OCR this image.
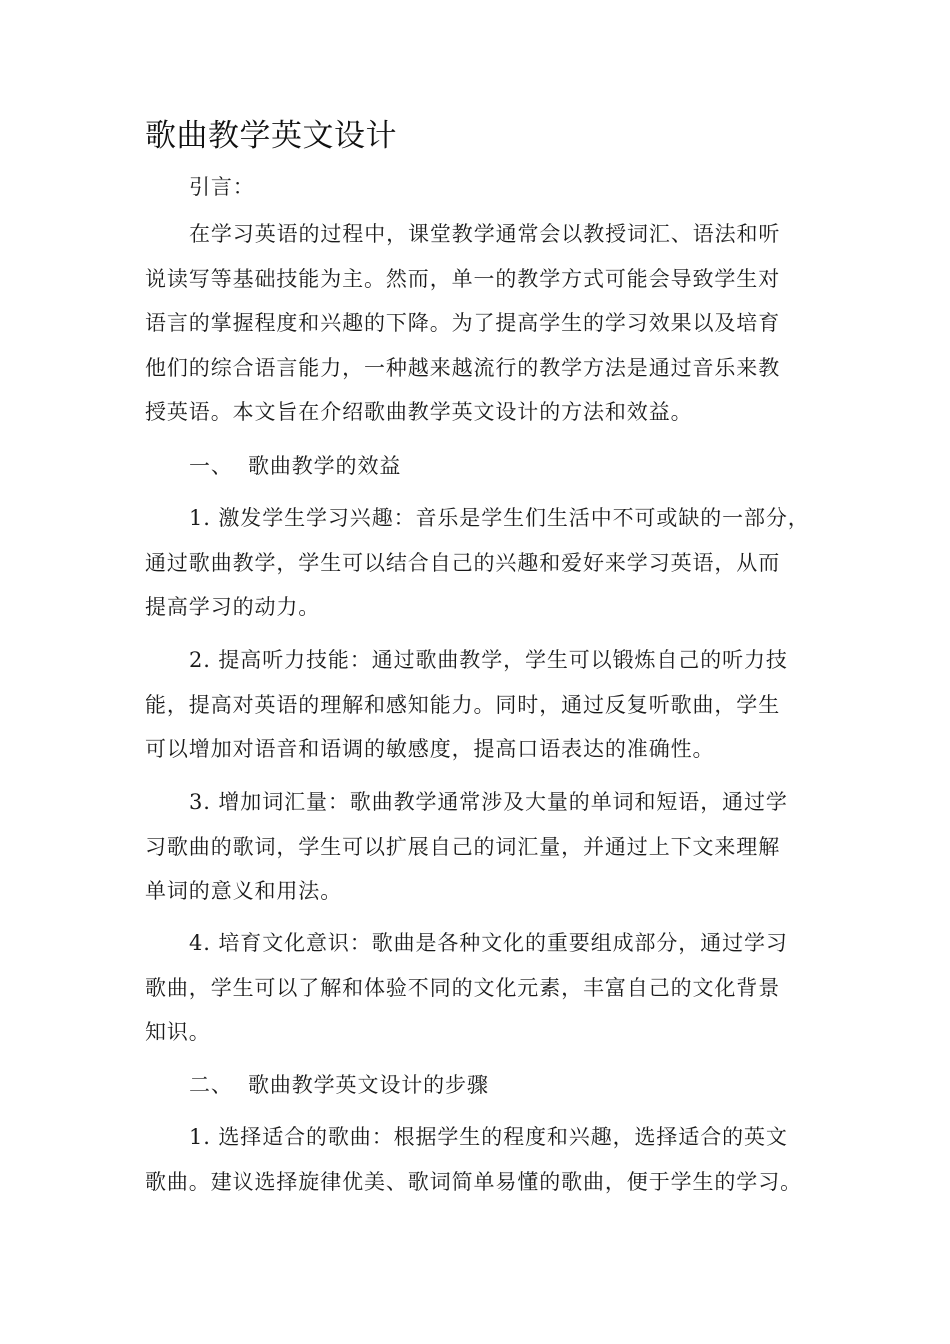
歌曲教学英文设计

引言：

在学习英语的过程中，课堂教学通常会以教授词汇、语法和听
说读写等基础技能为主。然而，单一的教学方式可能会导致学生对
语言的掌握程度和兴趣的下降。为了提高学生的学习效果以及培育
他们的综合语言能力，一种越来越流行的教学方法是通过音乐来教
授英语。本文旨在介绍歌曲教学英文设计的方法和效益。

一、  歌曲教学的效益

1. 激发学生学习兴趣：音乐是学生们生活中不可或缺的一部分，
通过歌曲教学，学生可以结合自己的兴趣和爱好来学习英语，从而
提高学习的动力。

2. 提高听力技能：通过歌曲教学，学生可以锻炼自己的听力技
能，提高对英语的理解和感知能力。同时，通过反复听歌曲，学生
可以增加对语音和语调的敏感度，提高口语表达的准确性。

3. 增加词汇量：歌曲教学通常涉及大量的单词和短语，通过学
习歌曲的歌词，学生可以扩展自己的词汇量，并通过上下文来理解
单词的意义和用法。

4. 培育文化意识：歌曲是各种文化的重要组成部分，通过学习
歌曲，学生可以了解和体验不同的文化元素，丰富自己的文化背景
知识。

二、  歌曲教学英文设计的步骤

1. 选择适合的歌曲：根据学生的程度和兴趣，选择适合的英文
歌曲。建议选择旋律优美、歌词简单易懂的歌曲，便于学生的学习。
